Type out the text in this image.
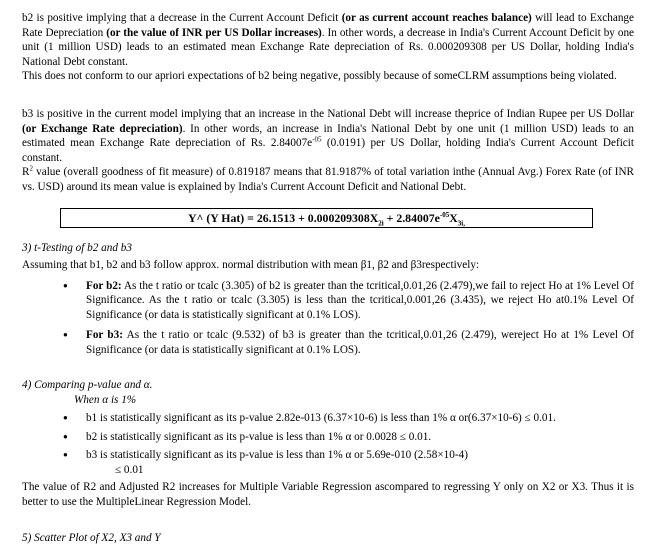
b2 is positive implying that a decrease in the Current Account Deficit (or as current account reaches balance) will lead to Exchange Rate Depreciation (or the value of INR per US Dollar increases). In other words, a decrease in India's Current Account Deficit by one unit (1 million USD) leads to an estimated mean Exchange Rate depreciation of Rs. 0.000209308 per US Dollar, holding India's National Debt constant.

This does not conform to our apriori expectations of b2 being negative, possibly because of someCLRM assumptions being violated.

b3 is positive in the current model implying that an increase in the National Debt will increase theprice of Indian Rupee per US Dollar (or Exchange Rate depreciation). In other words, an increase in India's National Debt by one unit (1 million USD) leads to an estimated mean Exchange Rate depreciation of Rs. $2.84007e^{-05}$ (0.0191) per US Dollar, holding India's Current Account Deficit constant.

$R^2$ value (overall goodness of fit measure) of 0.819187 means that 81.9187% of total variation inthe (Annual Avg.) Forex Rate (of INR vs. USD) around its mean value is explained by India's Current Account Deficit and National Debt.

Y^ (Y $Hat) = 26.1513 + 0.000209308X_{2i} + 2.84007e^{-05}X_{3i,}$
3) t-Testing of b2 and b3

Assuming that b1, b2 and b3 follow approx. normal distribution with mean β1, β2 and β3respectively:

● For b2: As the t ratio or tcalc (3.305) of b2 is greater than the tcritical,0.01,26 (2.479),we fail to reject Ho at 1% Level Of Significance. As the t ratio or tcalc (3.305) is less than the tcritical,0.001,26 (3.435), we reject Ho at0.1% Level Of Significance (or data is statistically significant at 0.1% LOS).
● For b3: As the t ratio or tcalc (9.532) of b3 is greater than the tcritical,0.01,26 (2.479), wereject Ho at 1% Level Of Significance (or data is statistically significant at 0.1% LOS).
4) Comparing p-value and α.
When α is 1%
● b1 is statistically significant as its p-value 2.82e-013 (6.37×10-6) is less than 1% α or(6.37×10-6) ≤ 0.01.
● b2 is statistically significant as its p-value is less than 1% α or 0.0028 ≤ 0.01.
● b3 is statistically significant as its p-value is less than 1% α or 5.69e-010 (2.58×10-4)
≤ 0.01

The value of R2 and Adjusted R2 increases for Multiple Variable Regression ascompared to regressing Y only on X2 or X3. Thus it is better to use the MultipleLinear Regression Model.

5) Scatter Plot of X2, X3 and Y
